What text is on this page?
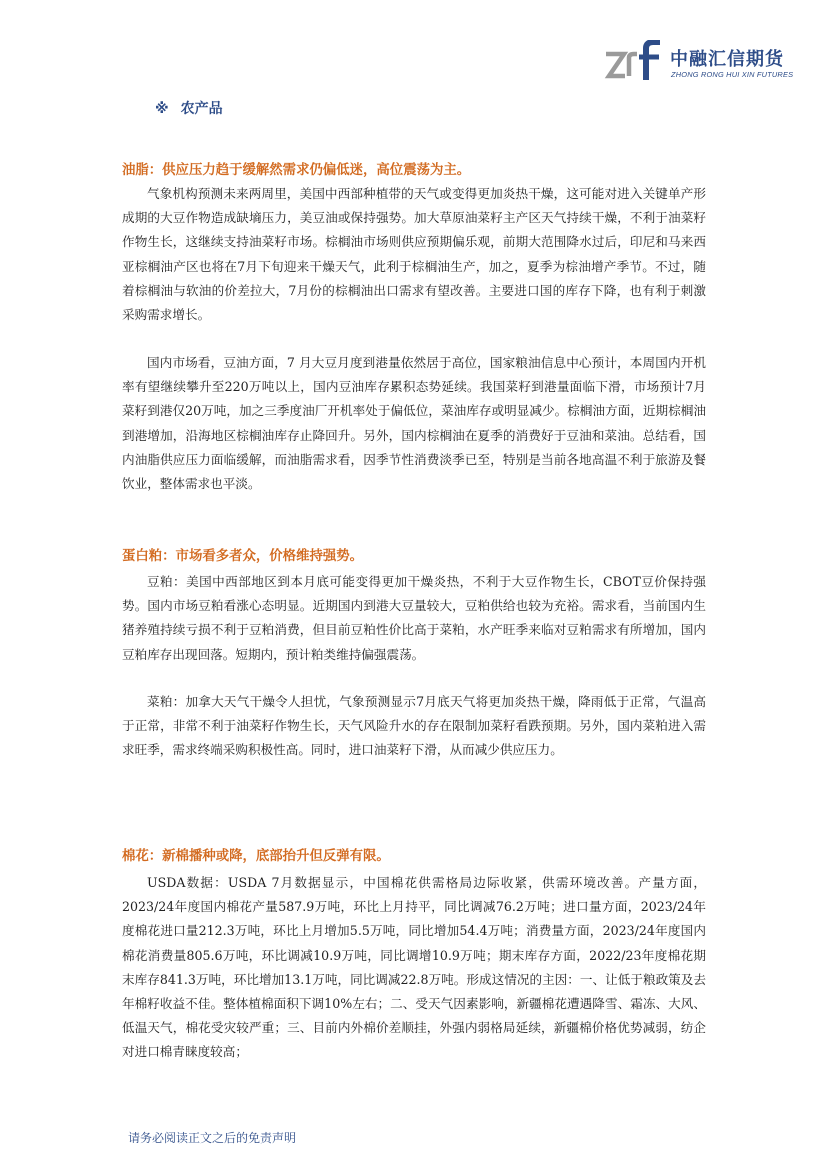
中融汇信期货
ZHONG RONG HUI XIN FUTURES
※ 农产品
油脂：供应压力趋于缓解然需求仍偏低迷，高位震荡为主。

气象机构预测未来两周里，美国中西部种植带的天气或变得更加炎热干燥，这可能对进入关键单产形成期的大豆作物造成缺墒压力，美豆油或保持强势。加大草原油菜籽主产区天气持续干燥，不利于油菜籽作物生长，这继续支持油菜籽市场。棕榈油市场则供应预期偏乐观，前期大范围降水过后，印尼和马来西亚棕榈油产区也将在7月下旬迎来干燥天气，此利于棕榈油生产，加之，夏季为棕油增产季节。不过，随着棕榈油与软油的价差拉大，7月份的棕榈油出口需求有望改善。主要进口国的库存下降，也有利于刺激采购需求增长。

国内市场看，豆油方面，7 月大豆月度到港量依然居于高位，国家粮油信息中心预计，本周国内开机率有望继续攀升至220万吨以上，国内豆油库存累积态势延续。我国菜籽到港量面临下滑，市场预计7月菜籽到港仅20万吨，加之三季度油厂开机率处于偏低位，菜油库存或明显减少。棕榈油方面，近期棕榈油到港增加，沿海地区棕榈油库存止降回升。另外，国内棕榈油在夏季的消费好于豆油和菜油。总结看，国内油脂供应压力面临缓解，而油脂需求看，因季节性消费淡季已至，特别是当前各地高温不利于旅游及餐饮业，整体需求也平淡。

蛋白粕：市场看多者众，价格维持强势。

豆粕：美国中西部地区到本月底可能变得更加干燥炎热，不利于大豆作物生长，CBOT豆价保持强势。国内市场豆粕看涨心态明显。近期国内到港大豆量较大，豆粕供给也较为充裕。需求看，当前国内生猪养殖持续亏损不利于豆粕消费，但目前豆粕性价比高于菜粕，水产旺季来临对豆粕需求有所增加，国内豆粕库存出现回落。短期内，预计粕类维持偏强震荡。

菜粕：加拿大天气干燥令人担忧，气象预测显示7月底天气将更加炎热干燥，降雨低于正常，气温高于正常，非常不利于油菜籽作物生长，天气风险升水的存在限制加菜籽看跌预期。另外，国内菜粕进入需求旺季，需求终端采购积极性高。同时，进口油菜籽下滑，从而减少供应压力。

棉花：新棉播种或降，底部抬升但反弹有限。

USDA数据：USDA 7月数据显示，中国棉花供需格局边际收紧，供需环境改善。产量方面，2023/24年度国内棉花产量587.9万吨，环比上月持平，同比调减76.2万吨；进口量方面，2023/24年度棉花进口量212.3万吨，环比上月增加5.5万吨，同比增加54.4万吨；消费量方面，2023/24年度国内棉花消费量805.6万吨，环比调减10.9万吨，同比调增10.9万吨；期末库存方面，2022/23年度棉花期末库存841.3万吨，环比增加13.1万吨，同比调减22.8万吨。形成这情况的主因：一、让低于粮政策及去年棉籽收益不佳。整体植棉面积下调10%左右；二、受天气因素影响，新疆棉花遭遇降雪、霜冻、大风、低温天气，棉花受灾较严重；三、目前内外棉价差顺挂，外强内弱格局延续，新疆棉价格优势减弱，纺企对进口棉青睐度较高；

请务必阅读正文之后的免责声明
